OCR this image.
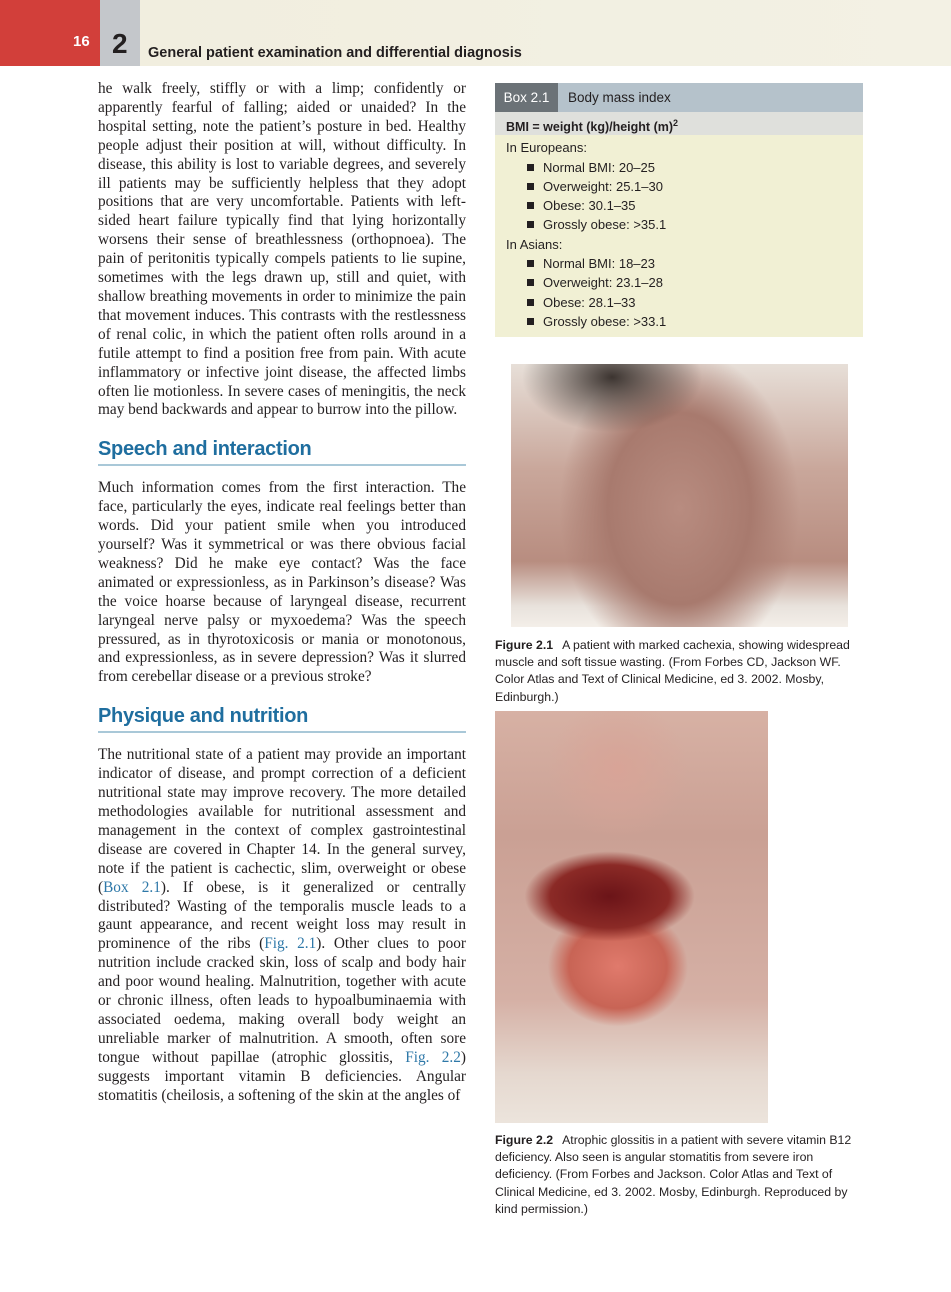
16 2 General patient examination and differential diagnosis

he walk freely, stiffly or with a limp; confidently or apparently fearful of falling; aided or unaided? In the hospital setting, note the patient’s posture in bed. Healthy people adjust their position at will, without difficulty. In disease, this ability is lost to variable degrees, and severely ill patients may be sufficiently helpless that they adopt positions that are very uncomfortable. Patients with left-sided heart failure typically find that lying horizontally worsens their sense of breathlessness (orthopnoea). The pain of peritonitis typically compels patients to lie supine, sometimes with the legs drawn up, still and quiet, with shallow breathing movements in order to minimize the pain that movement induces. This contrasts with the restlessness of renal colic, in which the patient often rolls around in a futile attempt to find a position free from pain. With acute inflammatory or infective joint disease, the affected limbs often lie motionless. In severe cases of meningitis, the neck may bend backwards and appear to burrow into the pillow.

Speech and interaction

Much information comes from the first interaction. The face, particularly the eyes, indicate real feelings better than words. Did your patient smile when you introduced yourself? Was it symmetrical or was there obvious facial weakness? Did he make eye contact? Was the face animated or expressionless, as in Parkinson’s disease? Was the voice hoarse because of laryngeal disease, recurrent laryngeal nerve palsy or myxoedema? Was the speech pressured, as in thyrotoxicosis or mania or monotonous, and expressionless, as in severe depression? Was it slurred from cerebellar disease or a previous stroke?

Physique and nutrition

The nutritional state of a patient may provide an important indicator of disease, and prompt correction of a deficient nutritional state may improve recovery. The more detailed methodologies available for nutritional assessment and management in the context of complex gastrointestinal disease are covered in Chapter 14. In the general survey, note if the patient is cachectic, slim, overweight or obese (Box 2.1). If obese, is it generalized or centrally distributed? Wasting of the temporalis muscle leads to a gaunt appearance, and recent weight loss may result in prominence of the ribs (Fig. 2.1). Other clues to poor nutrition include cracked skin, loss of scalp and body hair and poor wound healing. Malnutrition, together with acute or chronic illness, often leads to hypoalbuminaemia with associated oedema, making overall body weight an unreliable marker of malnutrition. A smooth, often sore tongue without papillae (atrophic glossitis, Fig. 2.2) suggests important vitamin B deficiencies. Angular stomatitis (cheilosis, a softening of the skin at the angles of

Box 2.1	Body mass index
BMI = weight (kg)/height $(m)^2$
In Europeans:
Normal BMI: 20–25
Overweight: 25.1–30
Obese: 30.1–35
Grossly obese: >35.1
In Asians:
Normal BMI: 18–23
Overweight: 23.1–28
Obese: 28.1–33
Grossly obese: >33.1
Figure 2.1 A patient with marked cachexia, showing widespread muscle and soft tissue wasting. (From Forbes CD, Jackson WF. Color Atlas and Text of Clinical Medicine, ed 3. 2002. Mosby, Edinburgh.)
Figure 2.2 Atrophic glossitis in a patient with severe vitamin B12 deficiency. Also seen is angular stomatitis from severe iron deficiency. (From Forbes and Jackson. Color Atlas and Text of Clinical Medicine, ed 3. 2002. Mosby, Edinburgh. Reproduced by kind permission.)
